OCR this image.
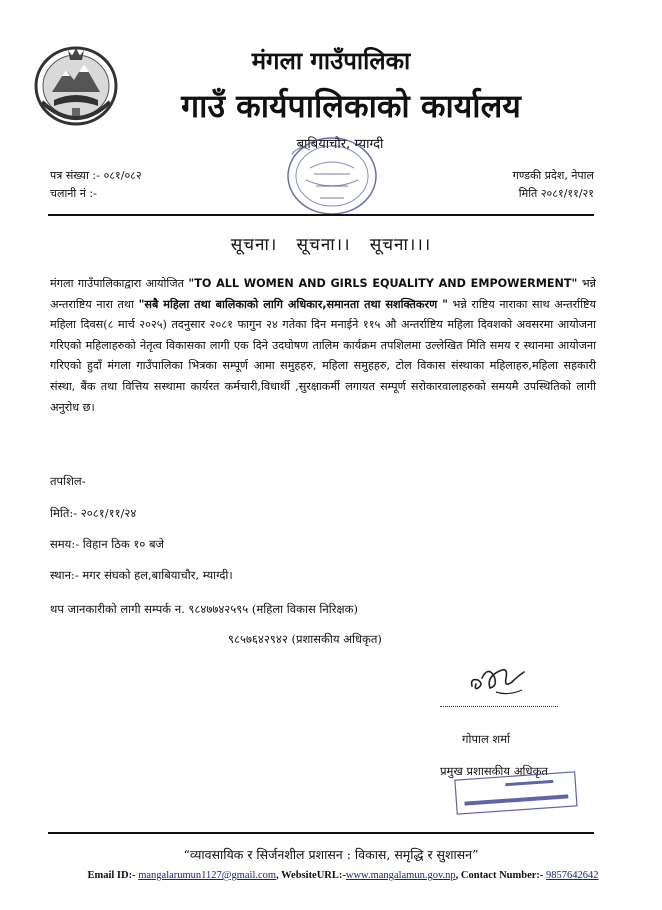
मंगला गाउँपालिका
गाउँ कार्यपालिकाको कार्यालय
बाबियाचौर, म्याग्दी
पत्र संख्या :- ०८१/०८२
चलानी नं :-
गण्डकी प्रदेश, नेपाल
मिति २०८१/११/२१
सूचना।   सूचना।।   सूचना।।।
मंगला गाउँपालिकाद्वारा आयोजित "TO ALL WOMEN AND GIRLS EQUALITY AND EMPOWERMENT" भन्ने अन्तराष्टिय नारा तथा "सबै महिला तथा बालिकाको लागि अधिकार,समानता तथा सशक्तिकरण " भन्ने राष्टिय नाराका साथ अन्तर्राष्टिय महिला दिवस(८ मार्च २०२५) तदनुसार २०८१ फागुन २४ गतेका दिन मनाईने ११५ औ अन्तर्राष्टिय महिला दिवशको अवसरमा आयोजना गरिएको महिलाहरुको नेतृत्व विकासका लागी एक दिने उदघोषण तालिम कार्यक्रम तपशिलमा उल्लेखित मिति समय र स्थानमा आयोजना गरिएको हुदाँ मंगला गाउँपालिका भित्रका सम्पूर्ण आमा समुहहरु, महिला समुहहरु, टोल विकास संस्थाका महिलाहरु,महिला सहकारी संस्था, बैंक तथा वित्तिय सस्थामा कार्यरत कर्मचारी,विधार्थी ,सुरक्षाकर्मी लगायत सम्पूर्ण सरोकारवालाहरुको समयमै उपस्थितिको लागी अनुरोध छ।
तपशिल-
मिति:- २०८१/११/२४
समय:- विहान ठिक १० बजे
स्थान:- मगर संघको हल,बाबियाचौर, म्याग्दी।
थप जानकारीको लागी सम्पर्क न. ९८४७७४२५९५ (महिला विकास निरिक्षक)
९८५७६४२९४२ (प्रशासकीय अधिकृत)
गोपाल शर्मा
प्रमुख प्रशासकीय अधिकृत
“व्यावसायिक र सिर्जनशील प्रशासन : विकास, समृद्धि र सुशासन”
Email ID:- mangalarumun1127@gmail.com, WebsiteURL:-www.mangalamun.gov.np, Contact Number:- 9857642642
